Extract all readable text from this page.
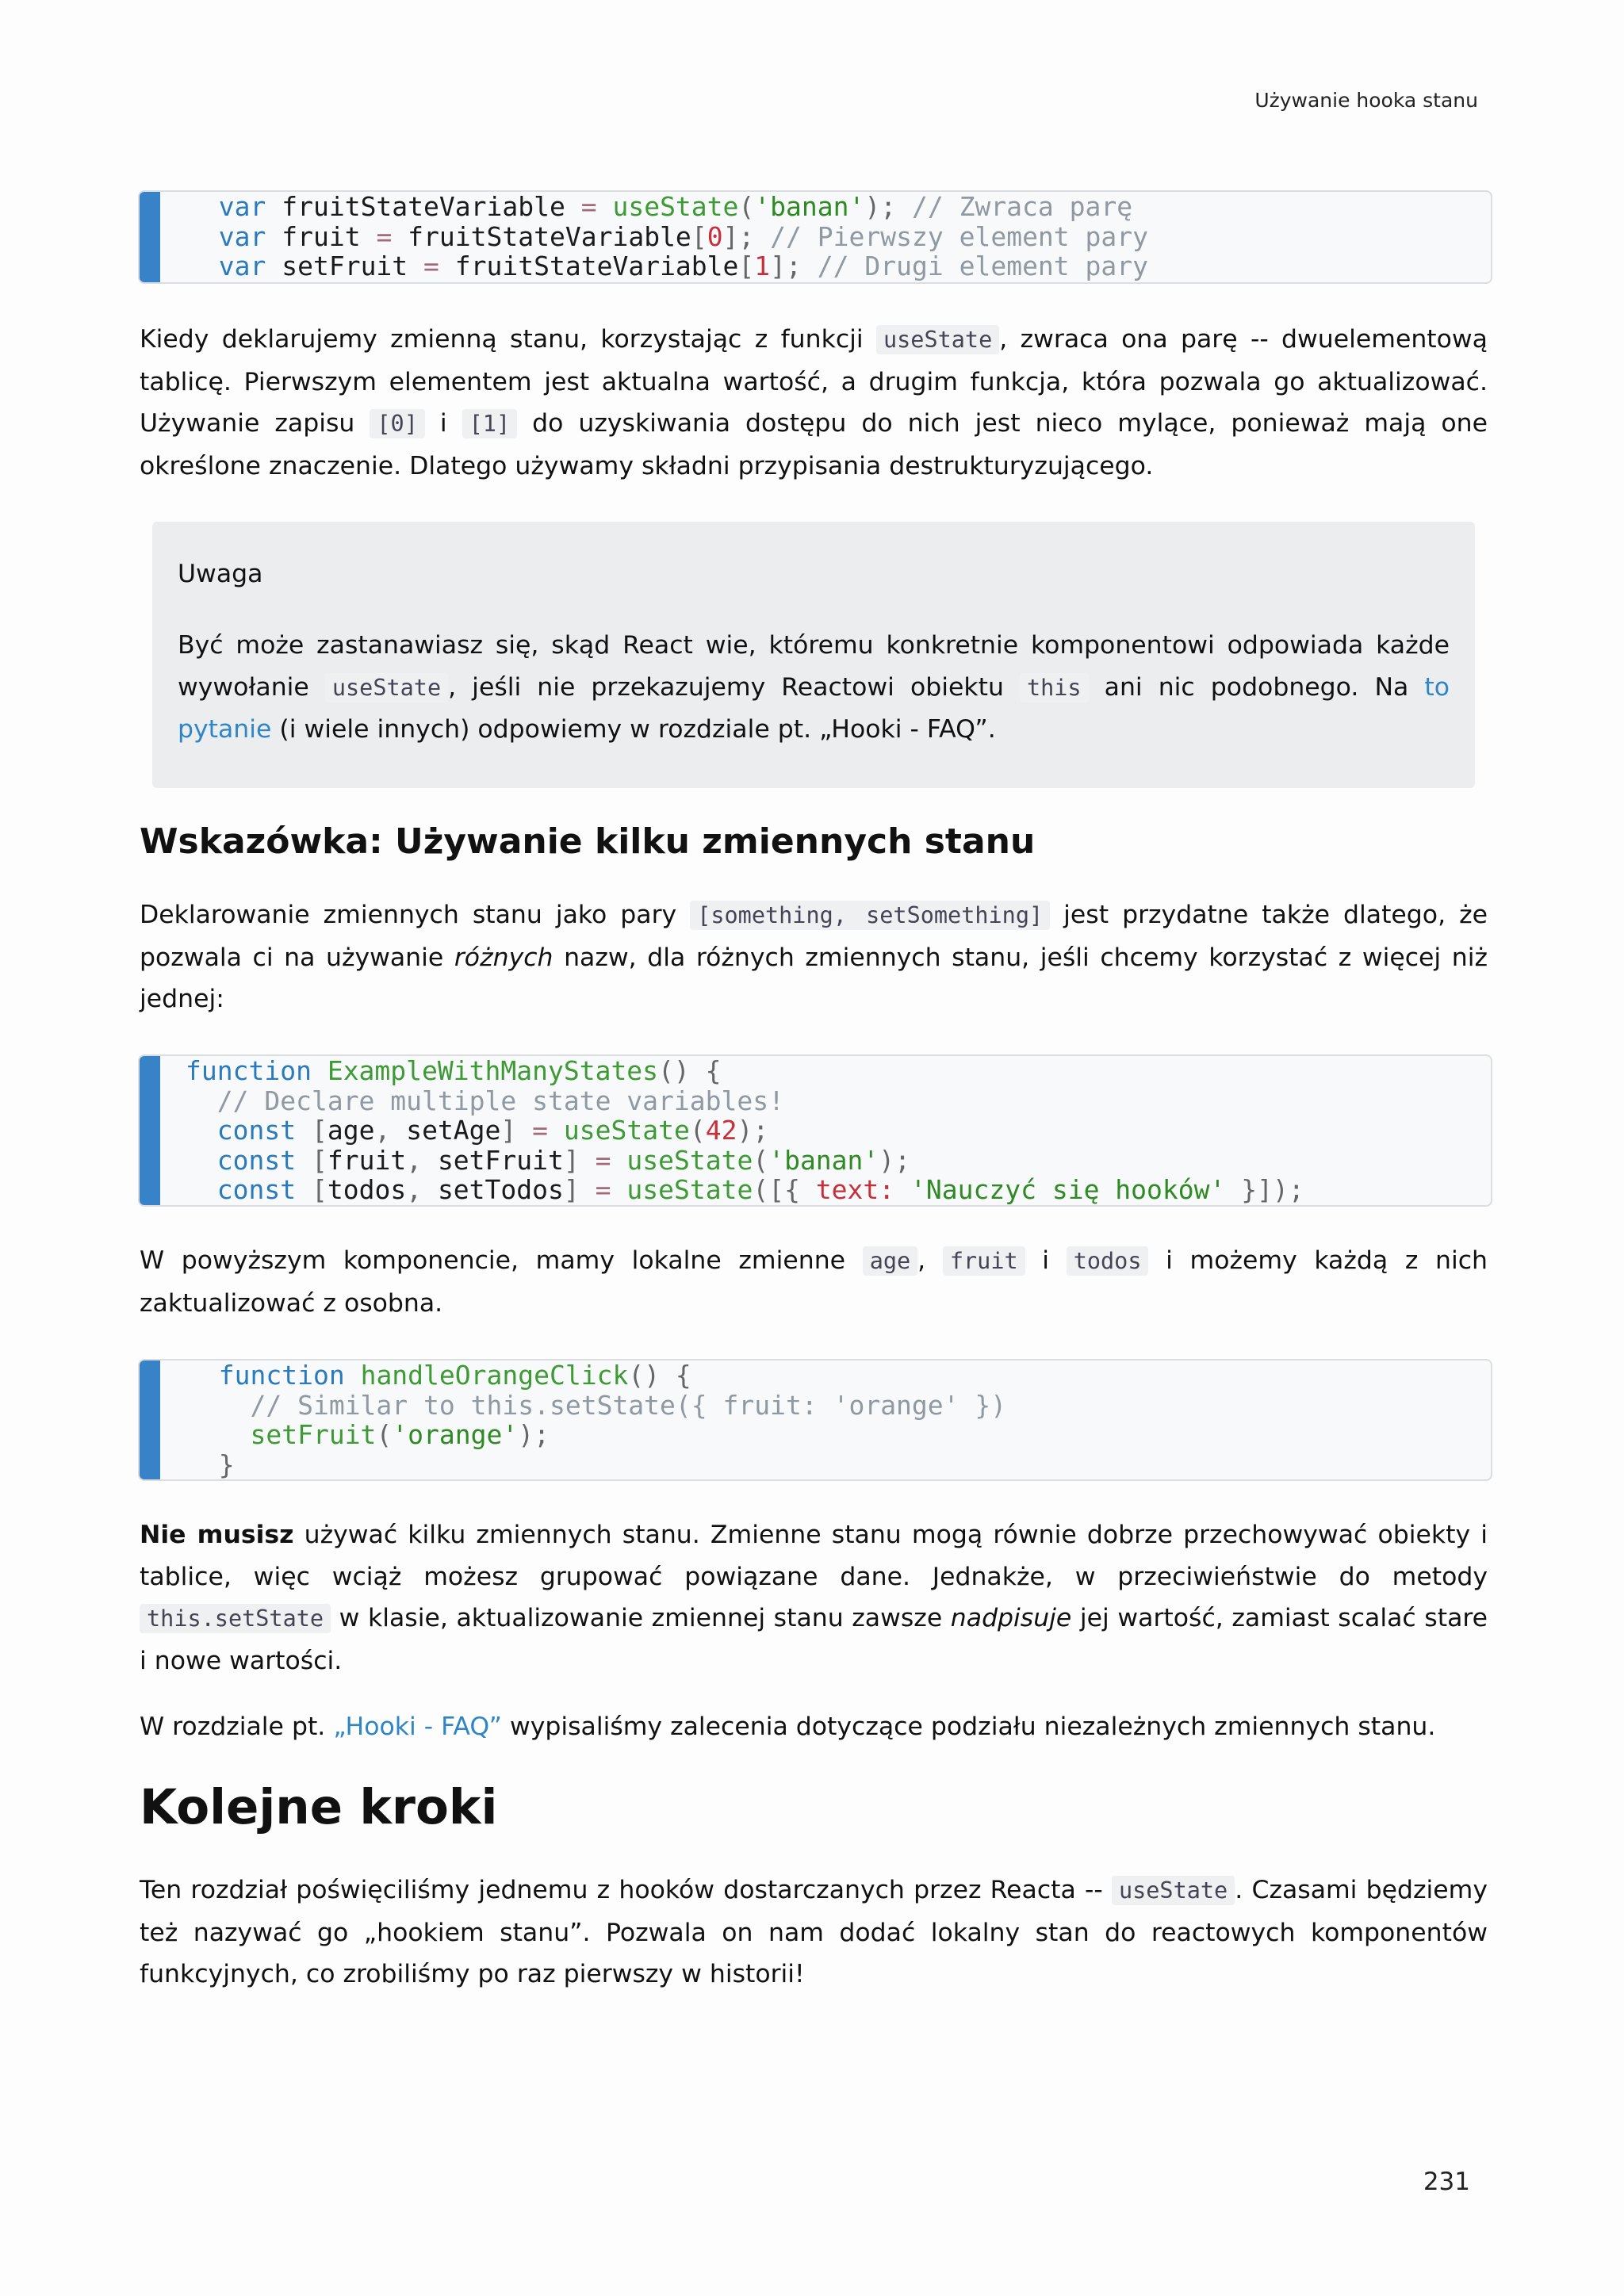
Używanie hooka stanu
var fruitStateVariable = useState('banan'); // Zwraca parę
var fruit = fruitStateVariable[0]; // Pierwszy element pary
var setFruit = fruitStateVariable[1]; // Drugi element pary

Kiedy deklarujemy zmienną stanu, korzystając z funkcji useState , zwraca ona parę -- dwuelementową tablicę. Pierwszym elementem jest aktualna wartość, a drugim funkcja, która pozwala go aktualizować. Używanie zapisu [0] i [1] do uzyskiwania dostępu do nich jest nieco mylące, ponieważ mają one określone znaczenie. Dlatego używamy składni przypisania destrukturyzującego.

Uwaga

Być może zastanawiasz się, skąd React wie, któremu konkretnie komponentowi odpowiada każde wywołanie useState , jeśli nie przekazujemy Reactowi obiektu this ani nic podobnego. Na to pytanie (i wiele innych) odpowiemy w rozdziale pt. „Hooki - FAQ”.

Wskazówka: Używanie kilku zmiennych stanu

Deklarowanie zmiennych stanu jako pary [something, setSomething] jest przydatne także dlatego, że pozwala ci na używanie różnych nazw, dla różnych zmiennych stanu, jeśli chcemy korzystać z więcej niż jednej:

function ExampleWithManyStates() {
// Declare multiple state variables!
const [age, setAge] = useState(42);
const [fruit, setFruit] = useState('banan');
const [todos, setTodos] = useState([{ text: 'Nauczyć się hooków' }]);

W powyższym komponencie, mamy lokalne zmienne age , fruit i todos i możemy każdą z nich zaktualizować z osobna.

function handleOrangeClick() {
// Similar to this.setState({ fruit: 'orange' })
setFruit('orange');
}

Nie musisz używać kilku zmiennych stanu. Zmienne stanu mogą równie dobrze przechowywać obiekty i tablice, więc wciąż możesz grupować powiązane dane. Jednakże, w przeciwieństwie do metody this.setState w klasie, aktualizowanie zmiennej stanu zawsze nadpisuje jej wartość, zamiast scalać stare i nowe wartości.

W rozdziale pt. „Hooki - FAQ” wypisaliśmy zalecenia dotyczące podziału niezależnych zmiennych stanu.

Kolejne kroki

Ten rozdział poświęciliśmy jednemu z hooków dostarczanych przez Reacta -- useState . Czasami będziemy też nazywać go „hookiem stanu”. Pozwala on nam dodać lokalny stan do reactowych komponentów funkcyjnych, co zrobiliśmy po raz pierwszy w historii!

231
